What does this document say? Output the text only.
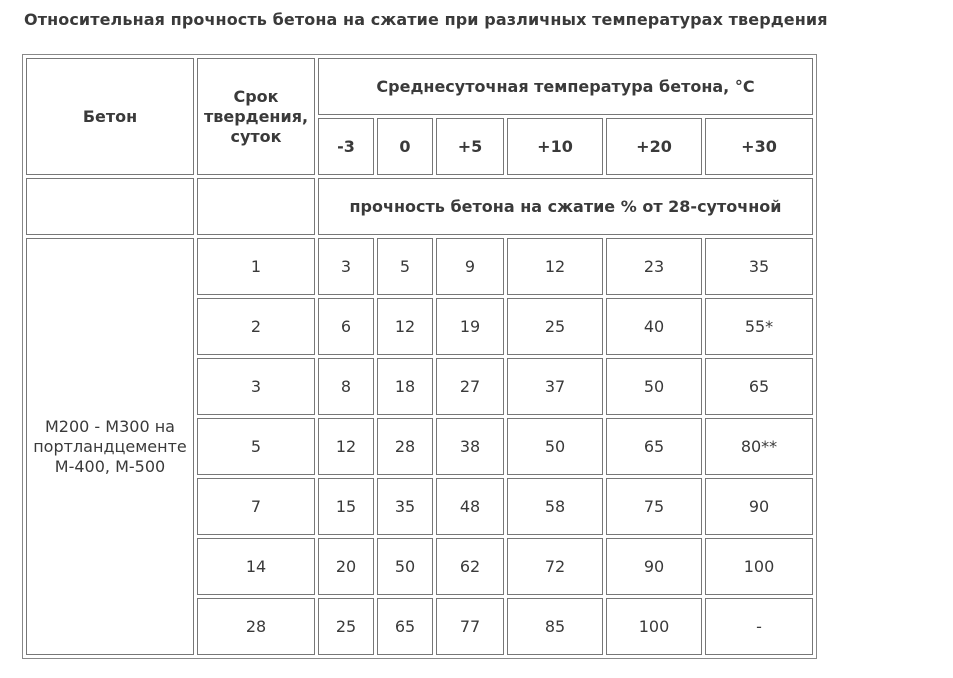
Относительная прочность бетона на сжатие при различных температурах твердения
Бетон	Срок
твердения,
суток	Среднесуточная температура бетона, °С					
		-3	0	+5	+10	+20	+30
		прочность бетона на сжатие % от 28-суточной					

М200 - М300 на
портландцементе
М-400, М-500	1	3	5	9	12	23	35
	2	6	12	19	25	40	55*
	3	8	18	27	37	50	65
	5	12	28	38	50	65	80**
	7	15	35	48	58	75	90
	14	20	50	62	72	90	100
	28	25	65	77	85	100	-
